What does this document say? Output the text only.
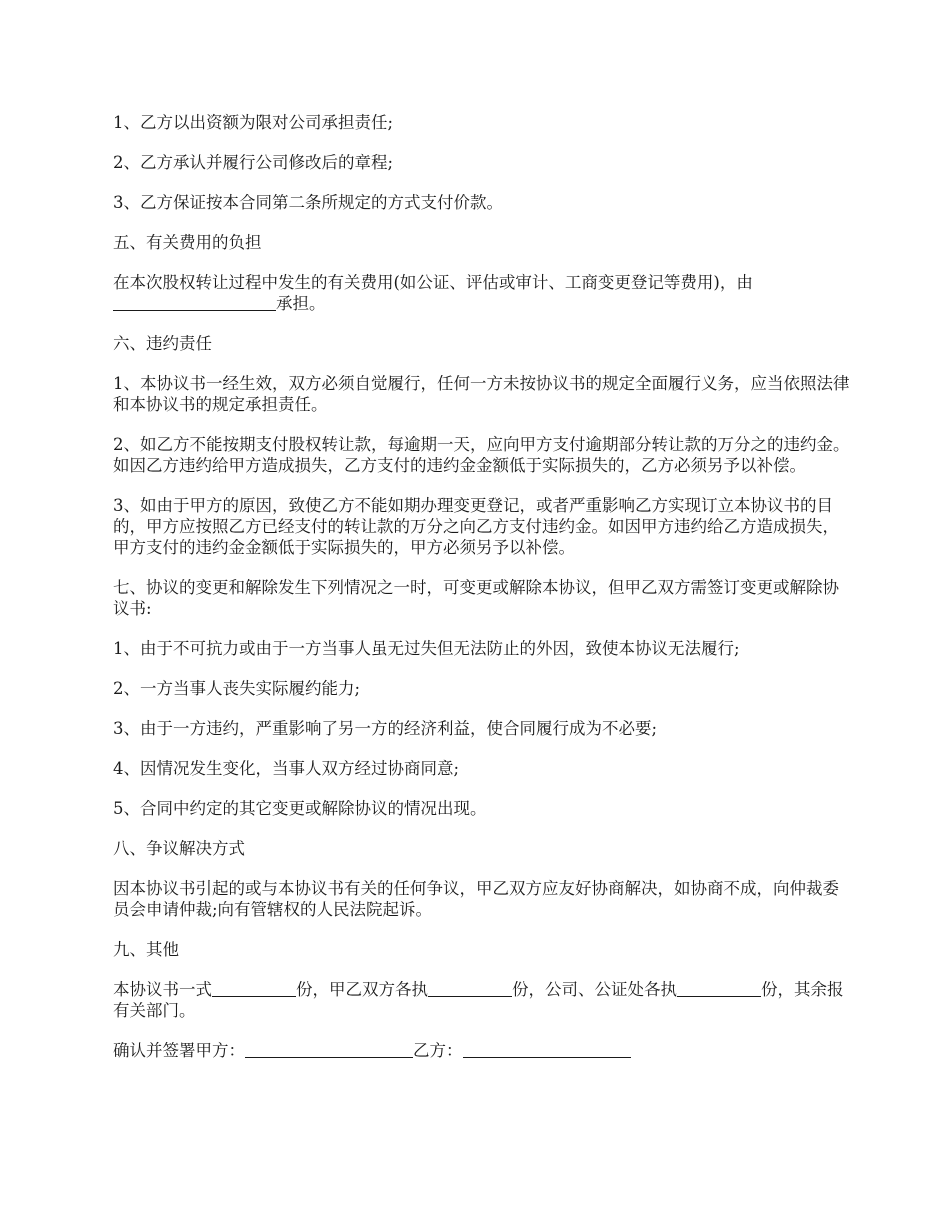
1、乙方以出资额为限对公司承担责任;

2、乙方承认并履行公司修改后的章程;

3、乙方保证按本合同第二条所规定的方式支付价款。

五、有关费用的负担

在本次股权转让过程中发生的有关费用(如公证、评估或审计、工商变更登记等费用)，由承担。

六、违约责任

1、本协议书一经生效，双方必须自觉履行，任何一方未按协议书的规定全面履行义务，应当依照法律和本协议书的规定承担责任。

2、如乙方不能按期支付股权转让款，每逾期一天，应向甲方支付逾期部分转让款的万分之的违约金。如因乙方违约给甲方造成损失，乙方支付的违约金金额低于实际损失的，乙方必须另予以补偿。

3、如由于甲方的原因，致使乙方不能如期办理变更登记，或者严重影响乙方实现订立本协议书的目的，甲方应按照乙方已经支付的转让款的万分之向乙方支付违约金。如因甲方违约给乙方造成损失，甲方支付的违约金金额低于实际损失的，甲方必须另予以补偿。

七、协议的变更和解除发生下列情况之一时，可变更或解除本协议，但甲乙双方需签订变更或解除协议书:

1、由于不可抗力或由于一方当事人虽无过失但无法防止的外因，致使本协议无法履行;

2、一方当事人丧失实际履约能力;

3、由于一方违约，严重影响了另一方的经济利益，使合同履行成为不必要;

4、因情况发生变化，当事人双方经过协商同意;

5、合同中约定的其它变更或解除协议的情况出现。

八、争议解决方式

因本协议书引起的或与本协议书有关的任何争议，甲乙双方应友好协商解决，如协商不成，向仲裁委员会申请仲裁;向有管辖权的人民法院起诉。

九、其他

本协议书一式	份，甲乙双方各执	份，公司、公证处各执	份，其余报有关部门。

确认并签署甲方：	乙方：
